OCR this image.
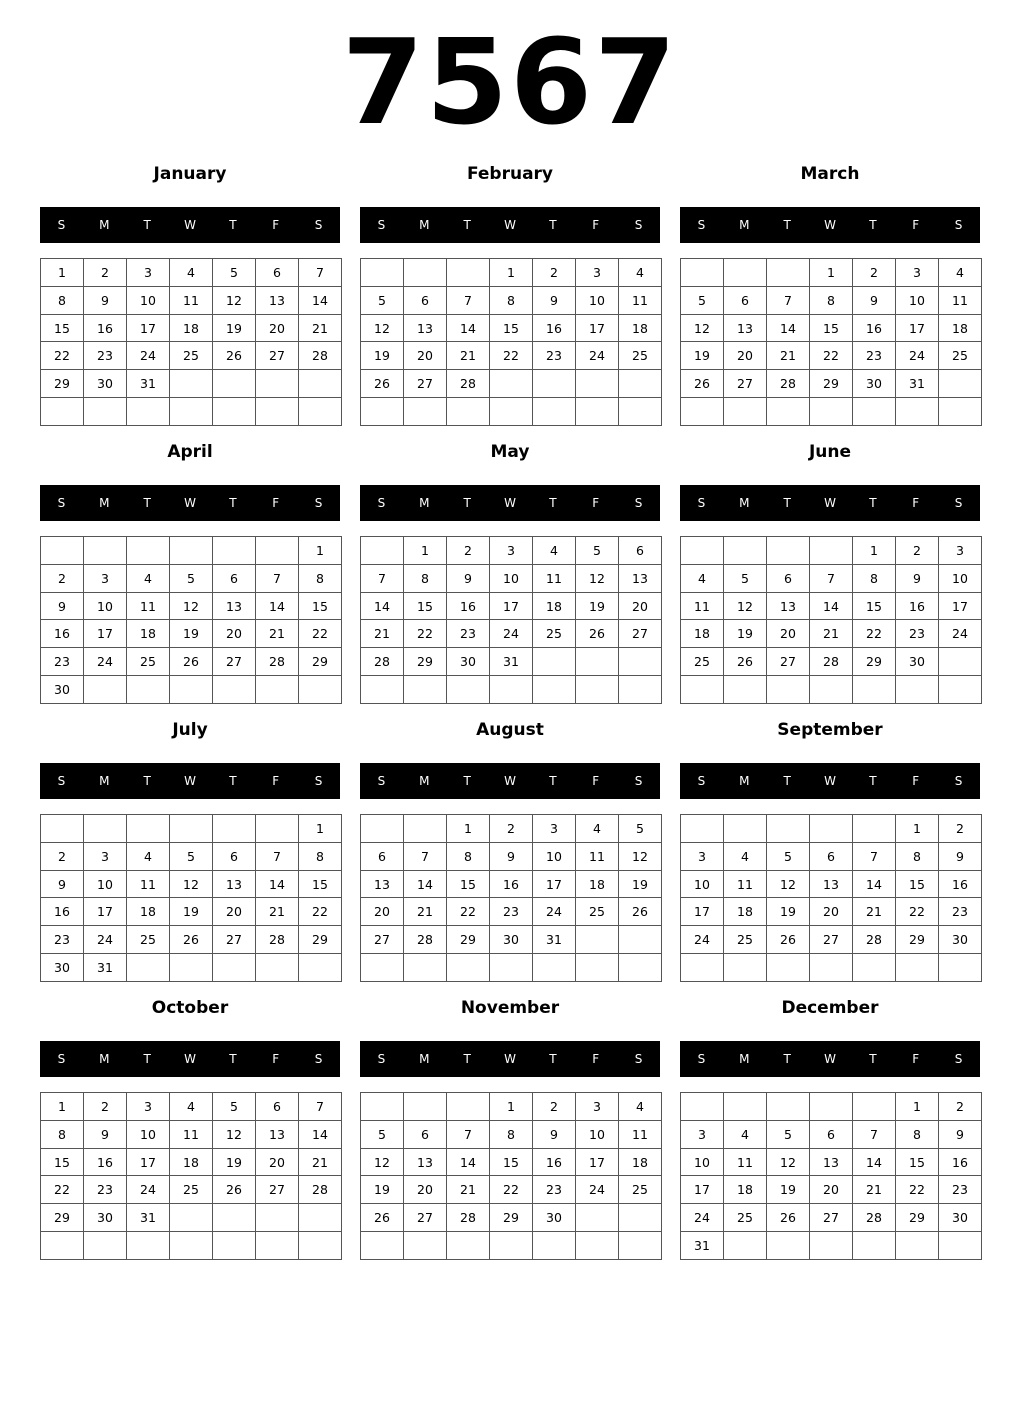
7567
January
S	M	T	W	T	F	S
1	2	3	4	5	6	7
8	9	10	11	12	13	14
15	16	17	18	19	20	21
22	23	24	25	26	27	28
29	30	31				

February
S	M	T	W	T	F	S
			1	2	3	4
5	6	7	8	9	10	11
12	13	14	15	16	17	18
19	20	21	22	23	24	25
26	27	28				

March
S	M	T	W	T	F	S
			1	2	3	4
5	6	7	8	9	10	11
12	13	14	15	16	17	18
19	20	21	22	23	24	25
26	27	28	29	30	31	

April
S	M	T	W	T	F	S
						1
2	3	4	5	6	7	8
9	10	11	12	13	14	15
16	17	18	19	20	21	22
23	24	25	26	27	28	29
30						
May
S	M	T	W	T	F	S
	1	2	3	4	5	6
7	8	9	10	11	12	13
14	15	16	17	18	19	20
21	22	23	24	25	26	27
28	29	30	31			

June
S	M	T	W	T	F	S
				1	2	3
4	5	6	7	8	9	10
11	12	13	14	15	16	17
18	19	20	21	22	23	24
25	26	27	28	29	30	

July
S	M	T	W	T	F	S
						1
2	3	4	5	6	7	8
9	10	11	12	13	14	15
16	17	18	19	20	21	22
23	24	25	26	27	28	29
30	31					
August
S	M	T	W	T	F	S
		1	2	3	4	5
6	7	8	9	10	11	12
13	14	15	16	17	18	19
20	21	22	23	24	25	26
27	28	29	30	31		

September
S	M	T	W	T	F	S
					1	2
3	4	5	6	7	8	9
10	11	12	13	14	15	16
17	18	19	20	21	22	23
24	25	26	27	28	29	30

October
S	M	T	W	T	F	S
1	2	3	4	5	6	7
8	9	10	11	12	13	14
15	16	17	18	19	20	21
22	23	24	25	26	27	28
29	30	31				

November
S	M	T	W	T	F	S
			1	2	3	4
5	6	7	8	9	10	11
12	13	14	15	16	17	18
19	20	21	22	23	24	25
26	27	28	29	30		

December
S	M	T	W	T	F	S
					1	2
3	4	5	6	7	8	9
10	11	12	13	14	15	16
17	18	19	20	21	22	23
24	25	26	27	28	29	30
31						
